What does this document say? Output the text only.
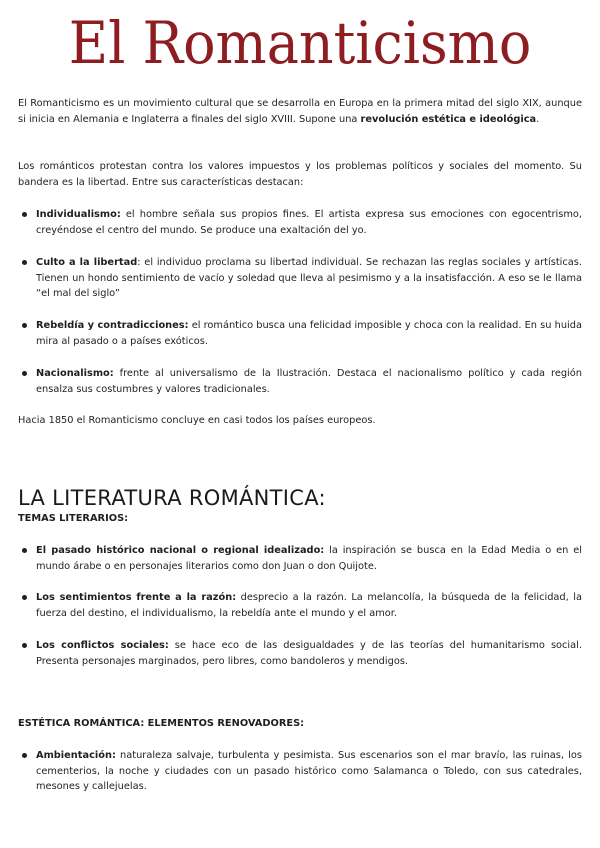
El Romanticismo

El Romanticismo es un movimiento cultural que se desarrolla en Europa en la primera mitad del siglo XIX, aunque si inicia en Alemania e Inglaterra a finales del siglo XVIII. Supone una revolución estética e ideológica.

Los románticos protestan contra los valores impuestos y los problemas políticos y sociales del momento. Su bandera es la libertad. Entre sus características destacan:

Individualismo: el hombre señala sus propios fines. El artista expresa sus emociones con egocentrismo, creyéndose el centro del mundo. Se produce una exaltación del yo.
Culto a la libertad: el individuo proclama su libertad individual. Se rechazan las reglas sociales y artísticas. Tienen un hondo sentimiento de vacío y soledad que lleva al pesimismo y a la insatisfacción. A eso se le llama “el mal del siglo”
Rebeldía y contradicciones: el romántico busca una felicidad imposible y choca con la realidad. En su huida mira al pasado o a países exóticos.
Nacionalismo: frente al universalismo de la Ilustración. Destaca el nacionalismo político y cada región ensalza sus costumbres y valores tradicionales.

Hacia 1850 el Romanticismo concluye en casi todos los países europeos.

LA LITERATURA ROMÁNTICA:
TEMAS LITERARIOS:
El pasado histórico nacional o regional idealizado: la inspiración se busca en la Edad Media o en el mundo árabe o en personajes literarios como don Juan o don Quijote.
Los sentimientos frente a la razón: desprecio a la razón. La melancolía, la búsqueda de la felicidad, la fuerza del destino, el individualismo, la rebeldía ante el mundo y el amor.
Los conflictos sociales: se hace eco de las desigualdades y de las teorías del humanitarismo social. Presenta personajes marginados, pero libres, como bandoleros y mendigos.
ESTÉTICA ROMÁNTICA: ELEMENTOS RENOVADORES:
Ambientación: naturaleza salvaje, turbulenta y pesimista. Sus escenarios son el mar bravío, las ruinas, los cementerios, la noche y ciudades con un pasado histórico como Salamanca o Toledo, con sus catedrales, mesones y callejuelas.
